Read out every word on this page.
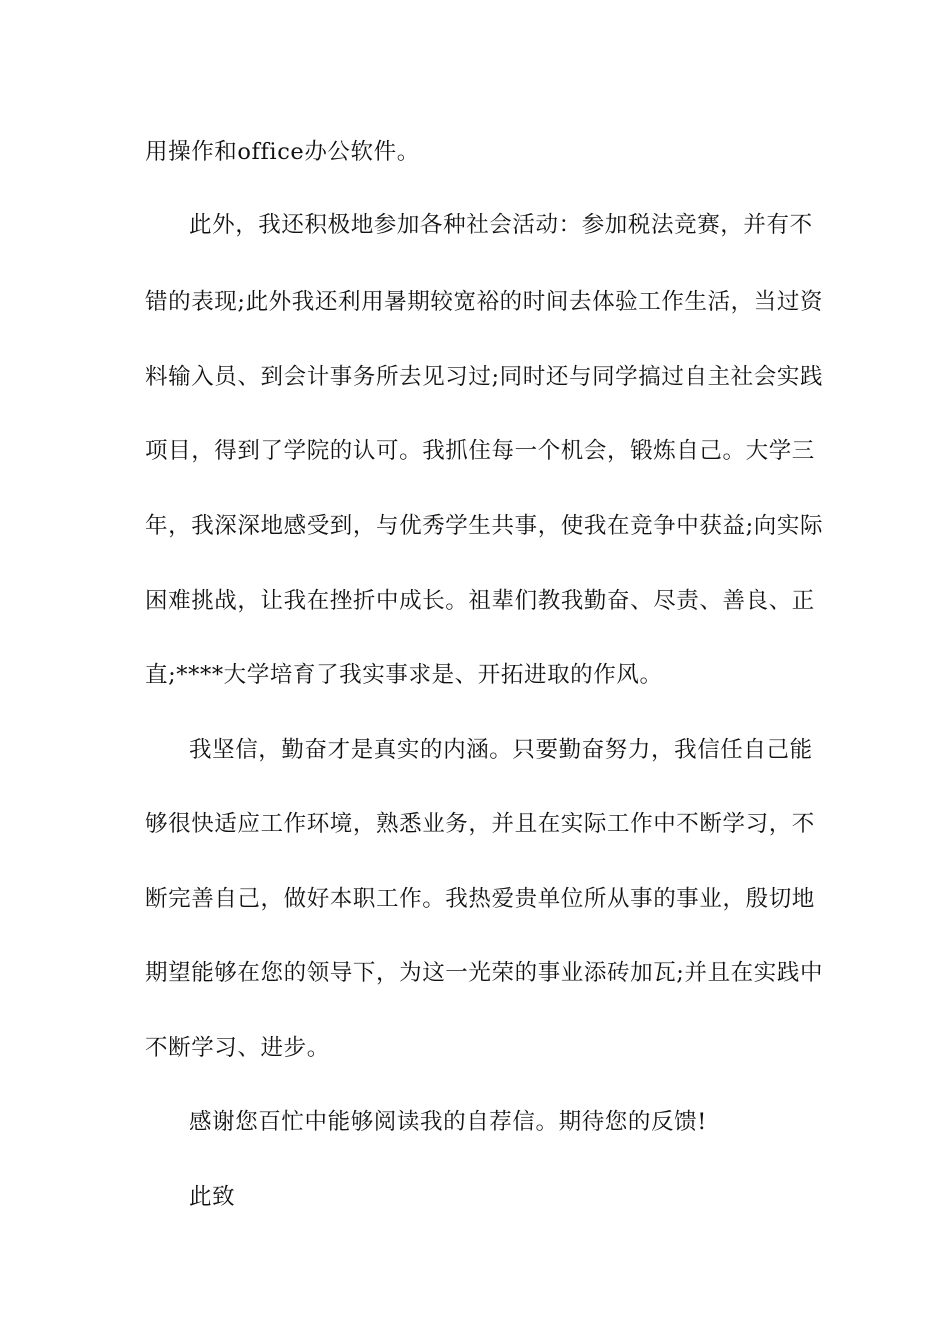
用操作和office办公软件。
此外，我还积极地参加各种社会活动：参加税法竞赛，并有不
错的表现;此外我还利用暑期较宽裕的时间去体验工作生活，当过资
料输入员、到会计事务所去见习过;同时还与同学搞过自主社会实践
项目，得到了学院的认可。我抓住每一个机会，锻炼自己。大学三
年，我深深地感受到，与优秀学生共事，使我在竞争中获益;向实际
困难挑战，让我在挫折中成长。祖辈们教我勤奋、尽责、善良、正
直;****大学培育了我实事求是、开拓进取的作风。
我坚信，勤奋才是真实的内涵。只要勤奋努力，我信任自己能
够很快适应工作环境，熟悉业务，并且在实际工作中不断学习，不
断完善自己，做好本职工作。我热爱贵单位所从事的事业，殷切地
期望能够在您的领导下，为这一光荣的事业添砖加瓦;并且在实践中
不断学习、进步。
感谢您百忙中能够阅读我的自荐信。期待您的反馈!
此致
